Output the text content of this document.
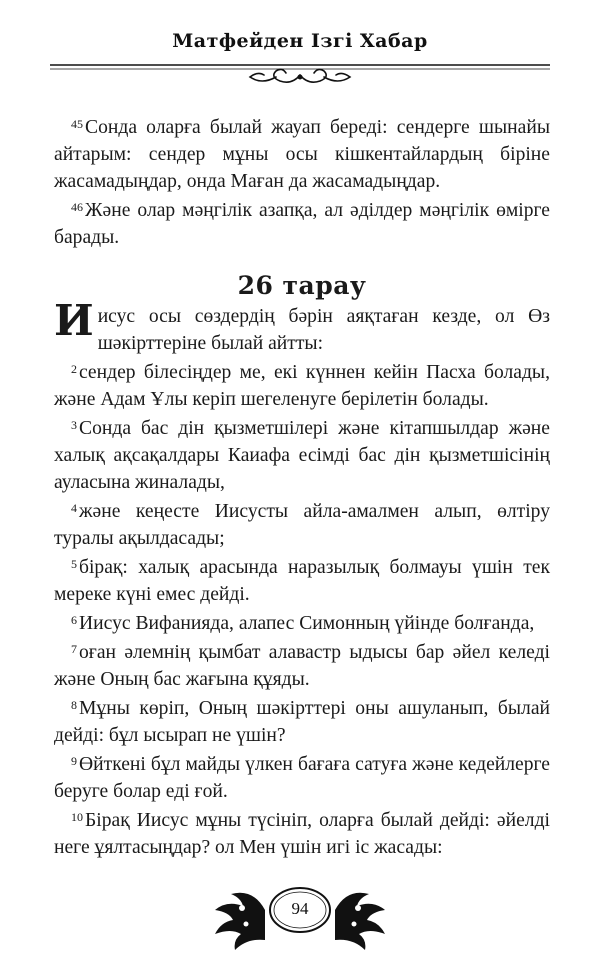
Матфейден Ізгі Хабар

$^{45}$ Сонда оларға былай жауап береді: сендерге шынайы айтарым: сендер мұны осы кішкентайлардың біріне жасамадыңдар, онда Маған да жасамадыңдар.

$^{46}$ Және олар мәңгілік азапқа, ал әділдер мәңгілік өмірге барады.

26 тарау

Иисус осы сөздердің бәрін аяқтаған кезде, ол Өз шәкірттеріне былай айтты:

$^2$ сендер білесіңдер ме, екі күннен кейін Пасха болады, және Адам Ұлы керіп шегеленуге берілетін болады.

$^3$ Сонда бас дін қызметшілері және кітапшылдар және халық ақсақалдары Каиафа есімді бас дін қызметшісінің ауласына жиналады,

$^4$ және кеңесте Иисусты айла-амалмен алып, өлтіру туралы ақылдасады;

$^5$ бірақ: халық арасында наразылық болмауы үшін тек мереке күні емес дейді.

$^6$ Иисус Вифанияда, алапес Симонның үйінде болғанда,

$^7$ оған әлемнің қымбат алавастр ыдысы бар әйел келеді және Оның бас жағына құяды.

$^8$ Мұны көріп, Оның шәкірттері оны ашуланып, былай дейді: бұл ысырап не үшін?

$^9$ Өйткені бұл майды үлкен бағаға сатуға және кедейлерге беруге болар еді ғой.

$^{10}$ Бірақ Иисус мұны түсініп, оларға былай дейді: әйелді неге ұялтасыңдар? ол Мен үшін игі іс жасады:

94
